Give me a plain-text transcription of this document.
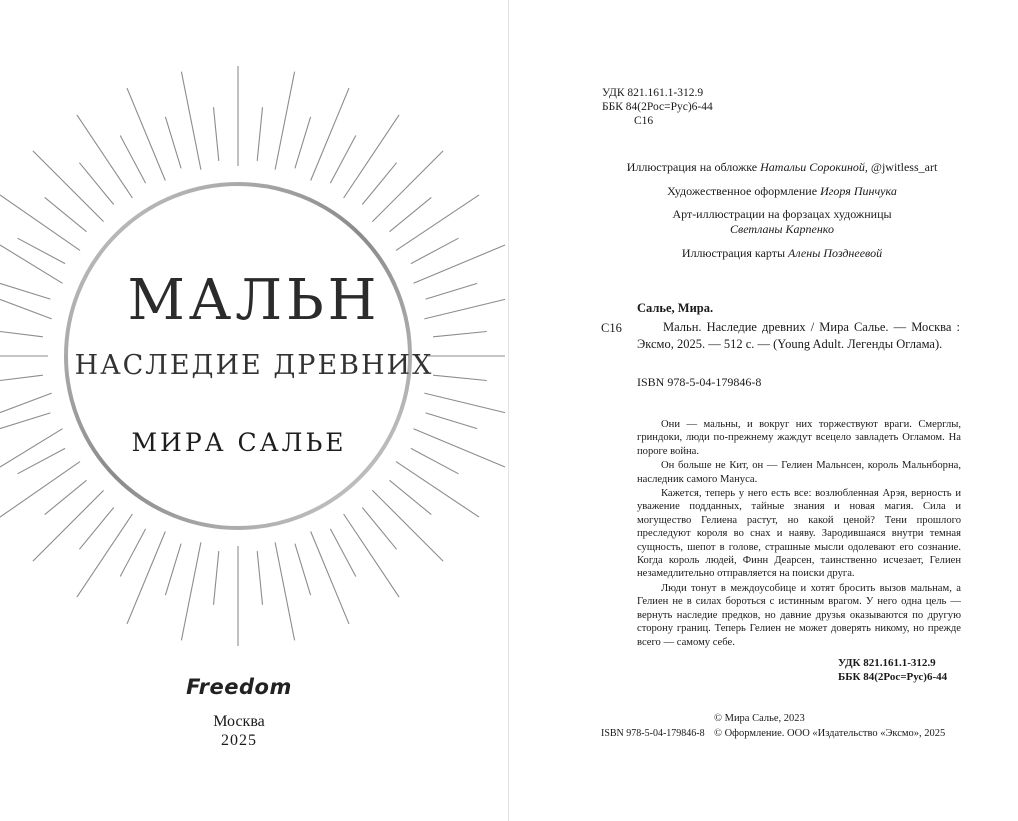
МАЛЬН
НАСЛЕДИЕ ДРЕВНИХ
МИРА САЛЬЕ
Freedom
Москва
2025
УДК 821.161.1-312.9
ББК 84(2Рос=Рус)6-44
С16
Иллюстрация на обложке Натальи Сорокиной, @jwitless_art
Художественное оформление Игоря Пинчука
Арт-иллюстрации на форзацах художницы
Светланы Карпенко
Иллюстрация карты Алены Позднеевой
Салье, Мира.
С16	Мальн. Наследие древних / Мира Салье. — Москва : Эксмо, 2025. — 512 с. — (Young Adult. Легенды Оглама).
ISBN 978-5-04-179846-8

Они — мальны, и вокруг них торжествуют враги. Смерглы, гриндоки, люди по-прежнему жаждут всецело завладеть Огламом. На пороге война.

Он больше не Кит, он — Гелиен Мальнсен, король Мальнборна, наследник самого Мануса.

Кажется, теперь у него есть все: возлюбленная Арэя, верность и уважение подданных, тайные знания и новая магия. Сила и могущество Гелиена растут, но какой ценой? Тени прошлого преследуют короля во снах и наяву. Зародившаяся внутри темная сущность, шепот в голове, страшные мысли одолевают его сознание. Когда король людей, Финн Деарсен, таинственно исчезает, Гелиен незамедлительно отправляется на поиски друга.

Люди тонут в междоусобице и хотят бросить вызов мальнам, а Гелиен не в силах бороться с истинным врагом. У него одна цель — вернуть наследие предков, но давние друзья оказываются по другую сторону границ. Теперь Гелиен не может доверять никому, но прежде всего — самому себе.

УДК 821.161.1-312.9
ББК 84(2Рос=Рус)6-44
© Мира Салье, 2023
ISBN 978-5-04-179846-8 © Оформление. ООО «Издательство «Эксмо», 2025
